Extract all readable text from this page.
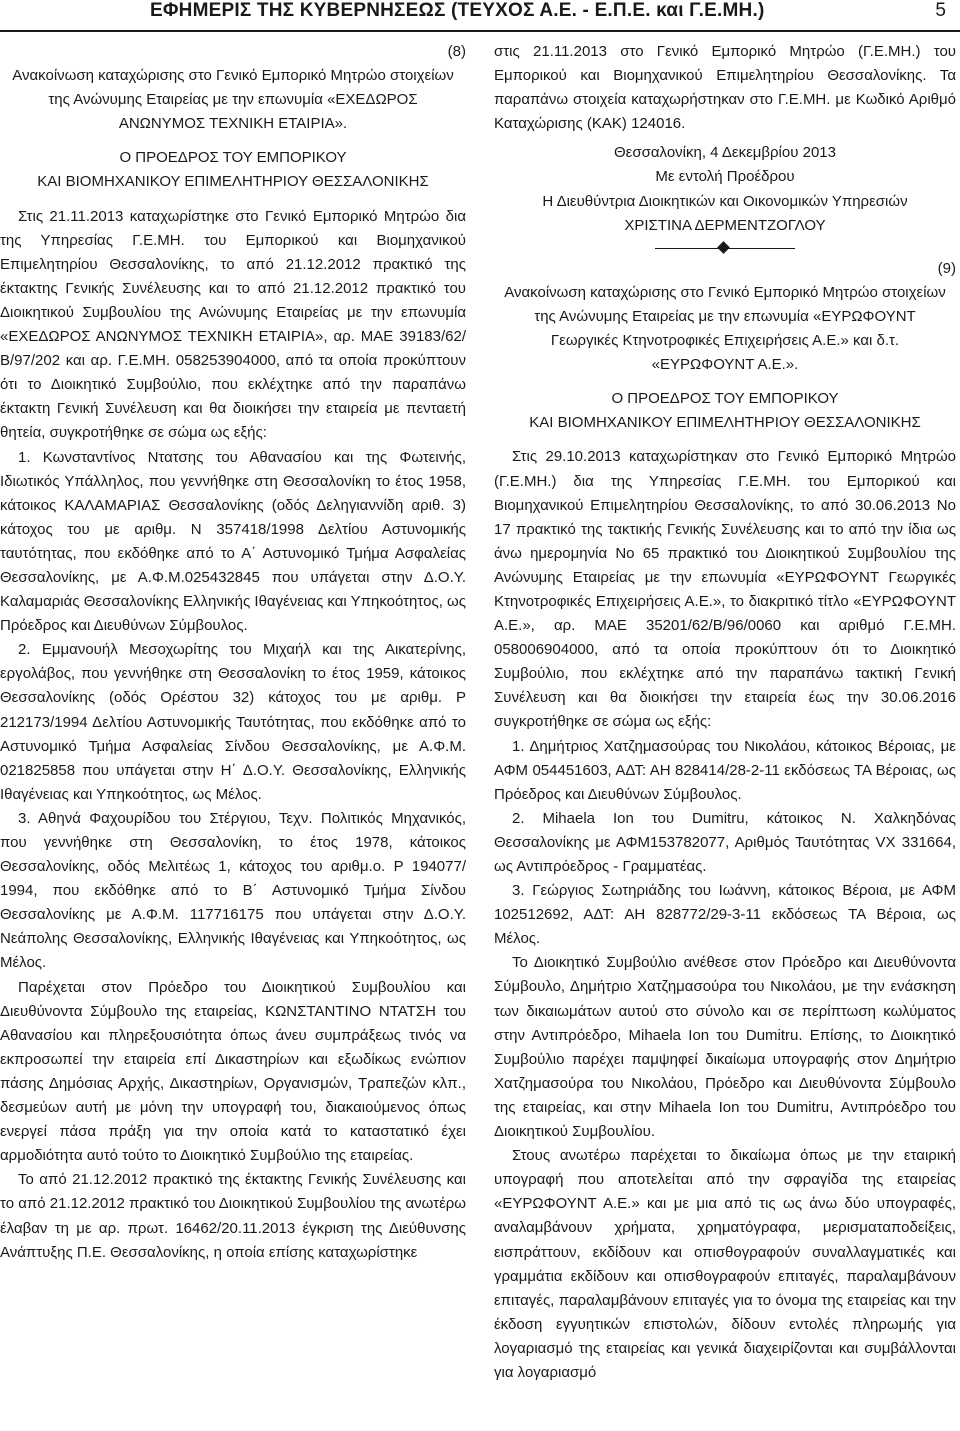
ΕΦΗΜΕΡΙΣ ΤΗΣ ΚΥΒΕΡΝΗΣΕΩΣ (ΤΕΥΧΟΣ Α.Ε. - Ε.Π.Ε. και Γ.Ε.ΜΗ.)	5

(8)

Ανακοίνωση καταχώρισης στο Γενικό Εμπορικό Μητρώο στοιχείων της Ανώνυμης Εταιρείας με την επωνυμία «ΕΧΕΔΩΡΟΣ ΑΝΩΝΥΜΟΣ ΤΕΧΝΙΚΗ ΕΤΑΙΡΙΑ».

Ο ΠΡΟΕΔΡΟΣ ΤΟΥ ΕΜΠΟΡΙΚΟΥ

ΚΑΙ ΒΙΟΜΗΧΑΝΙΚΟΥ ΕΠΙΜΕΛΗΤΗΡΙΟΥ ΘΕΣΣΑΛΟΝΙΚΗΣ

Στις 21.11.2013 καταχωρίστηκε στο Γενικό Εμπορικό Μητρώο δια της Υπηρεσίας Γ.Ε.ΜΗ. του Εμπορικού και Βιομηχανικού Επιμελητηρίου Θεσσαλονίκης, το από 21.12.2012 πρακτικό της έκτακτης Γενικής Συνέλευσης και το από 21.12.2012 πρακτικό του Διοικητικού Συμβουλίου της Ανώνυμης Εταιρείας με την επωνυμία «ΕΧΕΔΩΡΟΣ ΑΝΩΝΥΜΟΣ ΤΕΧΝΙΚΗ ΕΤΑΙΡΙΑ», αρ. ΜΑΕ 39183/62/Β/97/202 και αρ. Γ.Ε.ΜΗ. 058253904000, από τα οποία προκύπτουν ότι το Διοικητικό Συμβούλιο, που εκλέχτηκε από την παραπάνω έκτακτη Γενική Συνέλευση και θα διοικήσει την εταιρεία με πενταετή θητεία, συγκροτήθηκε σε σώμα ως εξής:

1. Κωνσταντίνος Ντατσης του Αθανασίου και της Φωτεινής, Ιδιωτικός Υπάλληλος, που γεννήθηκε στη Θεσσαλονίκη το έτος 1958, κάτοικος ΚΑΛΑΜΑΡΙΑΣ Θεσσαλονίκης (οδός Δεληγιαννίδη αριθ. 3) κάτοχος του με αριθμ. Ν 357418/1998 Δελτίου Αστυνομικής ταυτότητας, που εκδόθηκε από το Α΄ Αστυνομικό Τμήμα Ασφαλείας Θεσσαλονίκης, με Α.Φ.Μ.025432845 που υπάγεται στην Δ.Ο.Υ. Καλαμαριάς Θεσσαλονίκης Ελληνικής Ιθαγένειας και Υπηκοότητος, ως Πρόεδρος και Διευθύνων Σύμβουλος.

2. Εμμανουήλ Μεσοχωρίτης του Μιχαήλ και της Αικατερίνης, εργολάβος, που γεννήθηκε στη Θεσσαλονίκη το έτος 1959, κάτοικος Θεσσαλονίκης (οδός Ορέστου 32) κάτοχος του με αριθμ. Ρ 212173/1994 Δελτίου Αστυνομικής Ταυτότητας, που εκδόθηκε από το Αστυνομικό Τμήμα Ασφαλείας Σίνδου Θεσσαλονίκης, με Α.Φ.Μ. 021825858 που υπάγεται στην Η΄ Δ.Ο.Υ. Θεσσαλονίκης, Ελληνικής Ιθαγένειας και Υπηκοότητος, ως Μέλος.

3. Αθηνά Φαχουρίδου του Στέργιου, Τεχν. Πολιτικός Μηχανικός, που γεννήθηκε στη Θεσσαλονίκη, το έτος 1978, κάτοικος Θεσσαλονίκης, οδός Μελιτέως 1, κάτοχος του αριθμ.ο. Ρ 194077/ 1994, που εκδόθηκε από το Β΄ Αστυνομικό Τμήμα Σίνδου Θεσσαλονίκης με Α.Φ.Μ. 117716175 που υπάγεται στην Δ.Ο.Υ. Νεάπολης Θεσσαλονίκης, Ελληνικής Ιθαγένειας και Υπηκοότητος, ως Μέλος.

Παρέχεται στον Πρόεδρο του Διοικητικού Συμβουλίου και Διευθύνοντα Σύμβουλο της εταιρείας, ΚΩΝΣΤΑΝΤΙΝΟ ΝΤΑΤΣΗ του Αθανασίου και πληρεξουσιότητα όπως άνευ συμπράξεως τινός να εκπροσωπεί την εταιρεία επί Δικαστηρίων και εξωδίκως ενώπιον πάσης Δημόσιας Αρχής, Δικαστηρίων, Οργανισμών, Τραπεζών κλπ., δεσμεύων αυτή με μόνη την υπογραφή του, διακαιούμενος όπως ενεργεί πάσα πράξη για την οποία κατά το καταστατικό έχει αρμοδιότητα αυτό τούτο το Διοικητικό Συμβούλιο της εταιρείας.

Το από 21.12.2012 πρακτικό της έκτακτης Γενικής Συνέλευσης και το από 21.12.2012 πρακτικό του Διοικητικού Συμβουλίου της ανωτέρω έλαβαν τη με αρ. πρωτ. 16462/20.11.2013 έγκριση της Διεύθυνσης Ανάπτυξης Π.Ε. Θεσσαλονίκης, η οποία επίσης καταχωρίστηκε

στις 21.11.2013 στο Γενικό Εμπορικό Μητρώο (Γ.Ε.ΜΗ.) του Εμπορικού και Βιομηχανικού Επιμελητηρίου Θεσσαλονίκης. Τα παραπάνω στοιχεία καταχωρήστηκαν στο Γ.Ε.ΜΗ. με Κωδικό Αριθμό Καταχώρισης (ΚΑΚ) 124016.

Θεσσαλονίκη, 4 Δεκεμβρίου 2013

Με εντολή Προέδρου

Η Διευθύντρια Διοικητικών και Οικονομικών Υπηρεσιών

ΧΡΙΣΤΙΝΑ ΔΕΡΜΕΝΤΖΟΓΛΟΥ

(9)

Ανακοίνωση καταχώρισης στο Γενικό Εμπορικό Μητρώο στοιχείων της Ανώνυμης Εταιρείας με την επωνυμία «ΕΥΡΩΦΟΥΝΤ Γεωργικές Κτηνοτροφικές Επιχειρήσεις Α.Ε.» και δ.τ. «ΕΥΡΩΦΟΥΝΤ Α.Ε.».

Ο ΠΡΟΕΔΡΟΣ ΤΟΥ ΕΜΠΟΡΙΚΟΥ

ΚΑΙ ΒΙΟΜΗΧΑΝΙΚΟΥ ΕΠΙΜΕΛΗΤΗΡΙΟΥ ΘΕΣΣΑΛΟΝΙΚΗΣ

Στις 29.10.2013 καταχωρίστηκαν στο Γενικό Εμπορικό Μητρώο (Γ.Ε.ΜΗ.) δια της Υπηρεσίας Γ.Ε.ΜΗ. του Εμπορικού και Βιομηχανικού Επιμελητηρίου Θεσσαλονίκης, το από 30.06.2013 Νο 17 πρακτικό της τακτικής Γενικής Συνέλευσης και το από την ίδια ως άνω ημερομηνία Νο 65 πρακτικό του Διοικητικού Συμβουλίου της Ανώνυμης Εταιρείας με την επωνυμία «ΕΥΡΩΦΟΥΝΤ Γεωργικές Κτηνοτροφικές Επιχειρήσεις Α.Ε.», το διακριτικό τίτλο «ΕΥΡΩΦΟΥΝΤ Α.Ε.», αρ. ΜΑΕ 35201/62/Β/96/0060 και αριθμό Γ.Ε.ΜΗ. 058006904000, από τα οποία προκύπτουν ότι το Διοικητικό Συμβούλιο, που εκλέχτηκε από την παραπάνω τακτική Γενική Συνέλευση και θα διοικήσει την εταιρεία έως την 30.06.2016 συγκροτήθηκε σε σώμα ως εξής:

1. Δημήτριος Χατζημασούρας του Νικολάου, κάτοικος Βέροιας, με ΑΦΜ 054451603, ΑΔΤ: ΑΗ 828414/28-2-11 εκδόσεως ΤΑ Βέροιας, ως Πρόεδρος και Διευθύνων Σύμβουλος.

2. Mihaela Ion του Dumitru, κάτοικος Ν. Χαλκηδόνας Θεσσαλονίκης με ΑΦΜ153782077, Αριθμός Ταυτότητας VX 331664, ως Αντιπρόεδρος - Γραμματέας.

3. Γεώργιος Σωτηριάδης του Ιωάννη, κάτοικος Βέροια, με ΑΦΜ 102512692, ΑΔΤ: ΑΗ 828772/29-3-11 εκδόσεως ΤΑ Βέροια, ως Μέλος.

Το Διοικητικό Συμβούλιο ανέθεσε στον Πρόεδρο και Διευθύνοντα Σύμβουλο, Δημήτριο Χατζημασούρα του Νικολάου, με την ενάσκηση των δικαιωμάτων αυτού στο σύνολο και σε περίπτωση κωλύματος στην Αντιπρόεδρο, Mihaela Ion του Dumitru. Επίσης, το Διοικητικό Συμβούλιο παρέχει παμψηφεί δικαίωμα υπογραφής στον Δημήτριο Χατζημασούρα του Νικολάου, Πρόεδρο και Διευθύνοντα Σύμβουλο της εταιρείας, και στην Mihaela Ion του Dumitru, Αντιπρόεδρο του Διοικητικού Συμβουλίου.

Στους ανωτέρω παρέχεται το δικαίωμα όπως με την εταιρική υπογραφή που αποτελείται από την σφραγίδα της εταιρείας «ΕΥΡΩΦΟΥΝΤ Α.Ε.» και με μια από τις ως άνω δύο υπογραφές, αναλαμβάνουν χρήματα, χρηματόγραφα, μερισματαποδείξεις, εισπράττουν, εκδίδουν και οπισθογραφούν συναλλαγματικές και γραμμάτια εκδίδουν και οπισθογραφούν επιταγές, παραλαμβάνουν επιταγές, παραλαμβάνουν επιταγές για το όνομα της εταιρείας και την έκδοση εγγυητικών επιστολών, δίδουν εντολές πληρωμής για λογαριασμό της εταιρείας και γενικά διαχειρίζονται και συμβάλλονται για λογαριασμό
